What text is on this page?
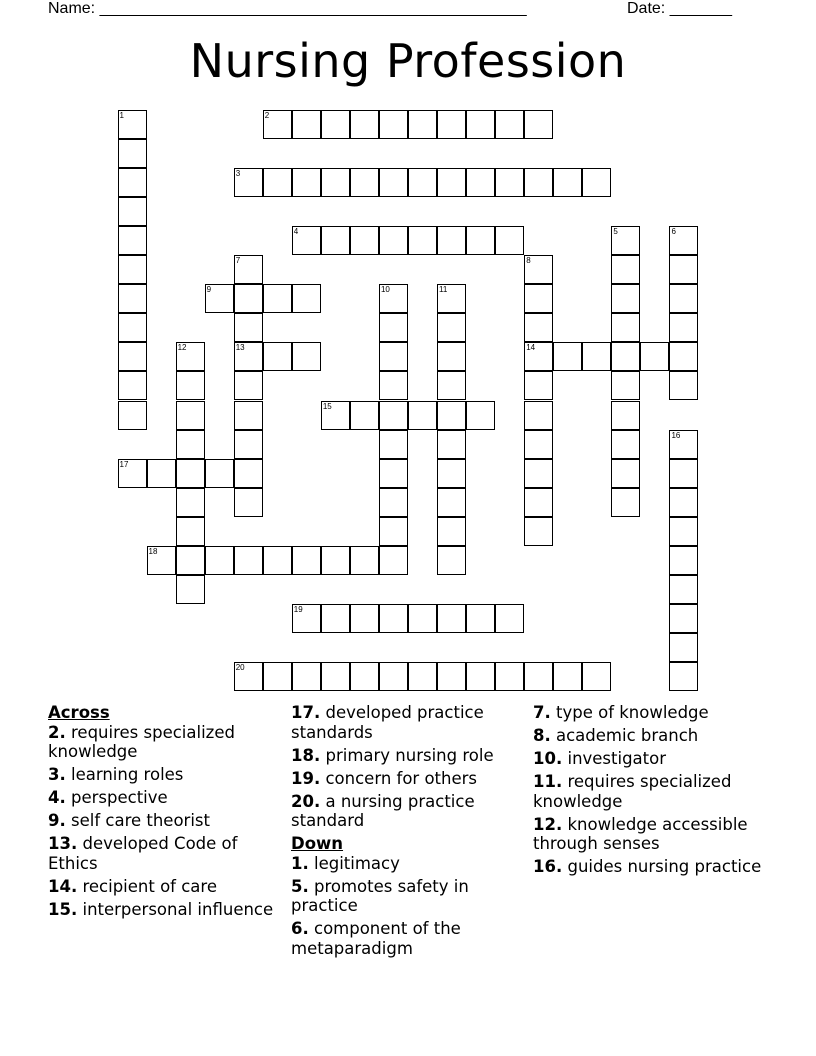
Name: ________________________________________________	Date: _______
Nursing Profession
2
3
4
9
13	14
15
17
18
19
20
1
5	6
7	8
10	11
12
16
Across
2. requires specialized knowledge
3. learning roles
4. perspective
9. self care theorist
13. developed Code of Ethics
14. recipient of care
15. interpersonal influence
17. developed practice standards
18. primary nursing role
19. concern for others
20. a nursing practice standard
Down
1. legitimacy
5. promotes safety in practice
6. component of the metaparadigm
7. type of knowledge
8. academic branch
10. investigator
11. requires specialized knowledge
12. knowledge accessible through senses
16. guides nursing practice
